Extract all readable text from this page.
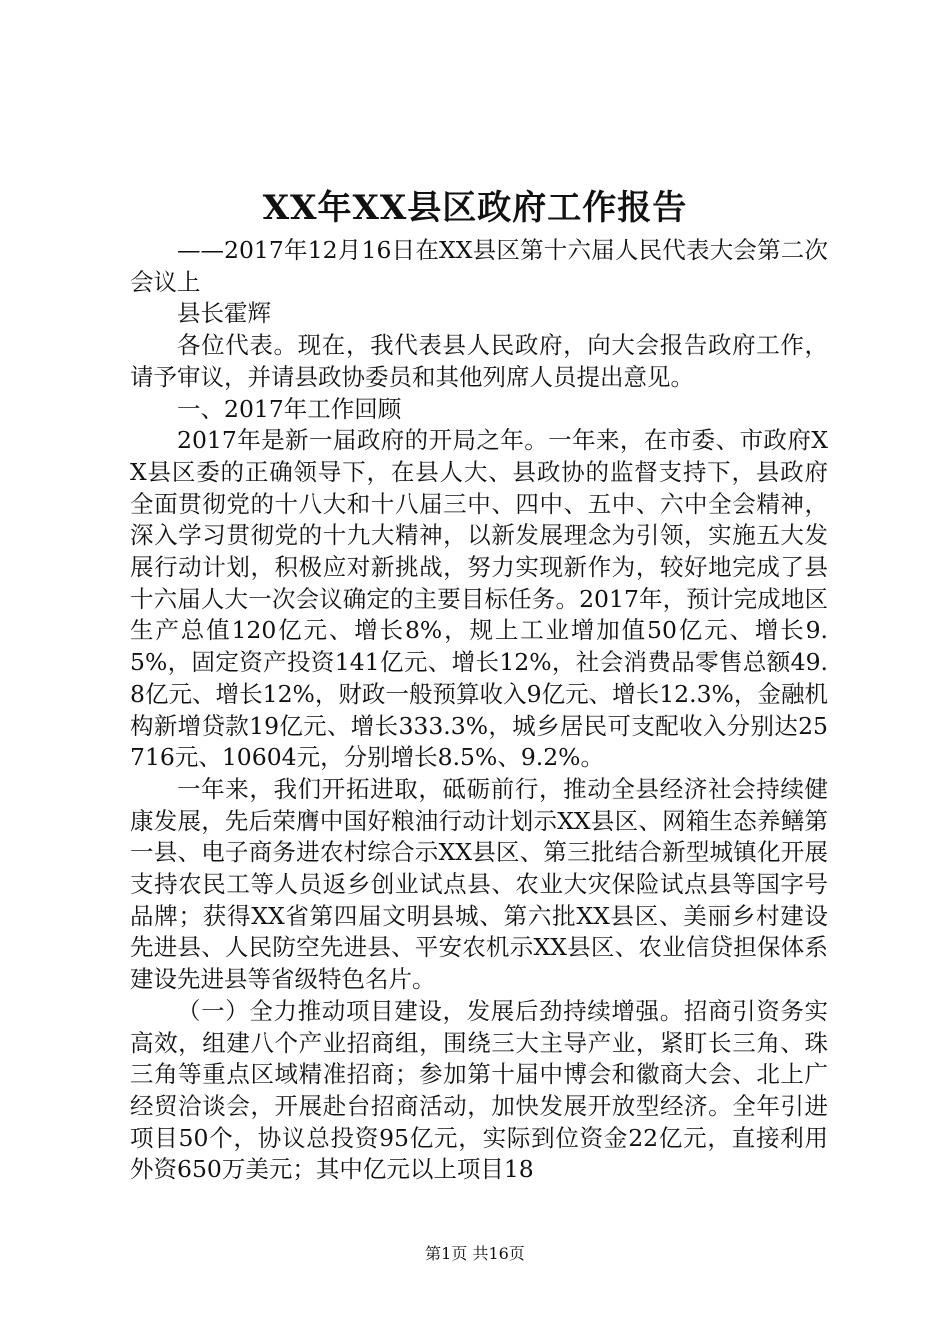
XX年XX县区政府工作报告

——2017年12月16日在XX县区第十六届人民代表大会第二次会议上

县长霍辉

各位代表。现在，我代表县人民政府，向大会报告政府工作，请予审议，并请县政协委员和其他列席人员提出意见。

一、2017年工作回顾

2017年是新一届政府的开局之年。一年来，在市委、市政府XX县区委的正确领导下，在县人大、县政协的监督支持下，县政府全面贯彻党的十八大和十八届三中、四中、五中、六中全会精神，深入学习贯彻党的十九大精神，以新发展理念为引领，实施五大发展行动计划，积极应对新挑战，努力实现新作为，较好地完成了县十六届人大一次会议确定的主要目标任务。2017年，预计完成地区生产总值120亿元、增长8%，规上工业增加值50亿元、增长9.5%，固定资产投资141亿元、增长12%，社会消费品零售总额49.8亿元、增长12%，财政一般预算收入9亿元、增长12.3%，金融机构新增贷款19亿元、增长333.3%，城乡居民可支配收入分别达25716元、10604元，分别增长8.5%、9.2%。

一年来，我们开拓进取，砥砺前行，推动全县经济社会持续健康发展，先后荣膺中国好粮油行动计划示XX县区、网箱生态养鳝第一县、电子商务进农村综合示XX县区、第三批结合新型城镇化开展支持农民工等人员返乡创业试点县、农业大灾保险试点县等国字号品牌；获得XX省第四届文明县城、第六批XX县区、美丽乡村建设先进县、人民防空先进县、平安农机示XX县区、农业信贷担保体系建设先进县等省级特色名片。

（一）全力推动项目建设，发展后劲持续增强。招商引资务实高效，组建八个产业招商组，围绕三大主导产业，紧盯长三角、珠三角等重点区域精准招商；参加第十届中博会和徽商大会、北上广经贸洽谈会，开展赴台招商活动，加快发展开放型经济。全年引进项目50个，协议总投资95亿元，实际到位资金22亿元，直接利用外资650万美元；其中亿元以上项目18

第1页 共16页
